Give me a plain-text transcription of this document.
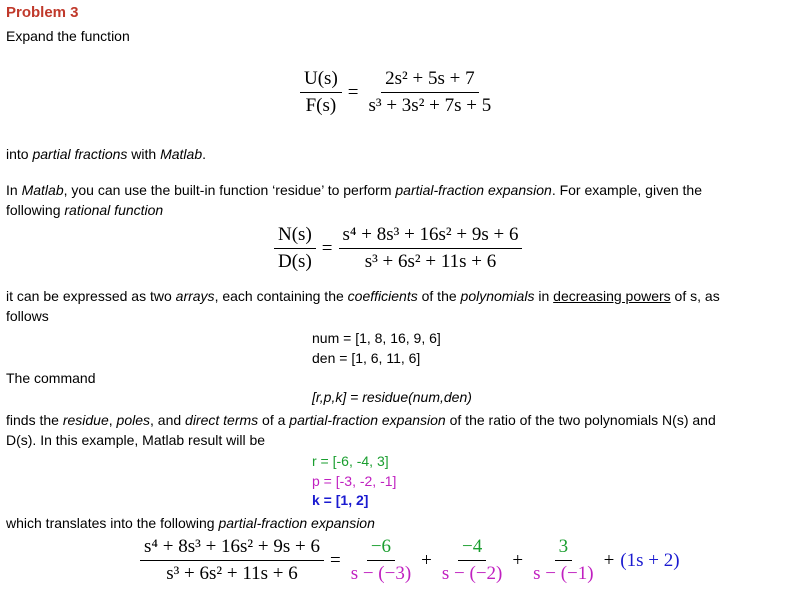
Problem 3
Expand the function
$\frac{U(s)}{F(s)} = \frac{\text{2s² + 5s + 7}}{\text{s³ + 3s² + 7s + 5}}$
into partial fractions with Matlab.
In Matlab, you can use the built-in function ‘residue’ to perform partial-fraction expansion. For example, given the
following rational function
$\frac{N(s)}{D(s)} = \frac{\text{s⁴ + 8s³ + 16s² + 9s + 6}}{\text{s³ + 6s² + 11s + 6}}$
it can be expressed as two arrays, each containing the coefficients of the polynomials in decreasing powers of s, as
follows
num = [1, 8, 16, 9, 6]
den = [1, 6, 11, 6]
The command
[r,p,k] = residue(num,den)
finds the residue, poles, and direct terms of a partial-fraction expansion of the ratio of the two polynomials N(s) and
D(s). In this example, Matlab result will be
r = [-6, -4, 3]
p = [-3, -2, -1]
k = [1, 2]
which translates into the following partial-fraction expansion
$\frac{\text{s⁴ + 8s³ + 16s² + 9s + 6}}{\text{s³ + 6s² + 11s + 6}} = \frac{-6}{s - (-3)} + \frac{-4}{s - (-2)} + \frac{3}{s - (-1)} + (1s + 2)$
